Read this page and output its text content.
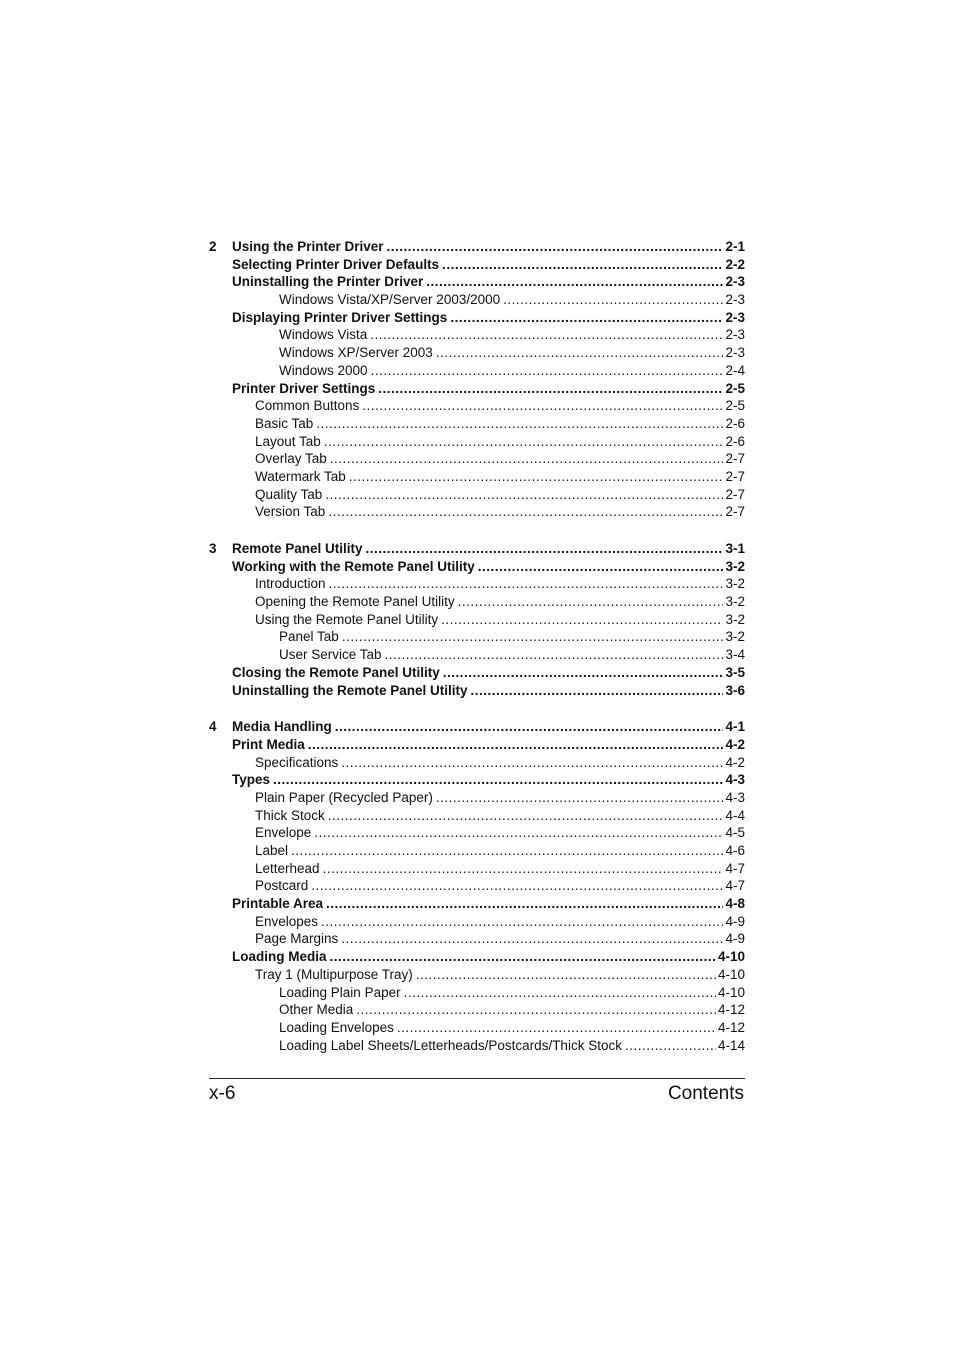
2	Using the Printer Driver .....	2-1
Selecting Printer Driver Defaults .....	2-2
Uninstalling the Printer Driver .....	2-3
Windows Vista/XP/Server 2003/2000 .....	2-3
Displaying Printer Driver Settings .....	2-3
Windows Vista .....	2-3
Windows XP/Server 2003 .....	2-3
Windows 2000 .....	2-4
Printer Driver Settings .....	2-5
Common Buttons .....	2-5
Basic Tab .....	2-6
Layout Tab .....	2-6
Overlay Tab .....	2-7
Watermark Tab .....	2-7
Quality Tab .....	2-7
Version Tab .....	2-7
3	Remote Panel Utility .....	3-1
Working with the Remote Panel Utility .....	3-2
Introduction .....	3-2
Opening the Remote Panel Utility .....	3-2
Using the Remote Panel Utility .....	3-2
Panel Tab .....	3-2
User Service Tab .....	3-4
Closing the Remote Panel Utility .....	3-5
Uninstalling the Remote Panel Utility .....	3-6
4	Media Handling .....	4-1
Print Media .....	4-2
Specifications .....	4-2
Types .....	4-3
Plain Paper (Recycled Paper) .....	4-3
Thick Stock .....	4-4
Envelope .....	4-5
Label .....	4-6
Letterhead .....	4-7
Postcard .....	4-7
Printable Area .....	4-8
Envelopes .....	4-9
Page Margins .....	4-9
Loading Media .....	4-10
Tray 1 (Multipurpose Tray) .....	4-10
Loading Plain Paper .....	4-10
Other Media .....	4-12
Loading Envelopes .....	4-12
Loading Label Sheets/Letterheads/Postcards/Thick Stock .....	4-14
x-6	Contents
